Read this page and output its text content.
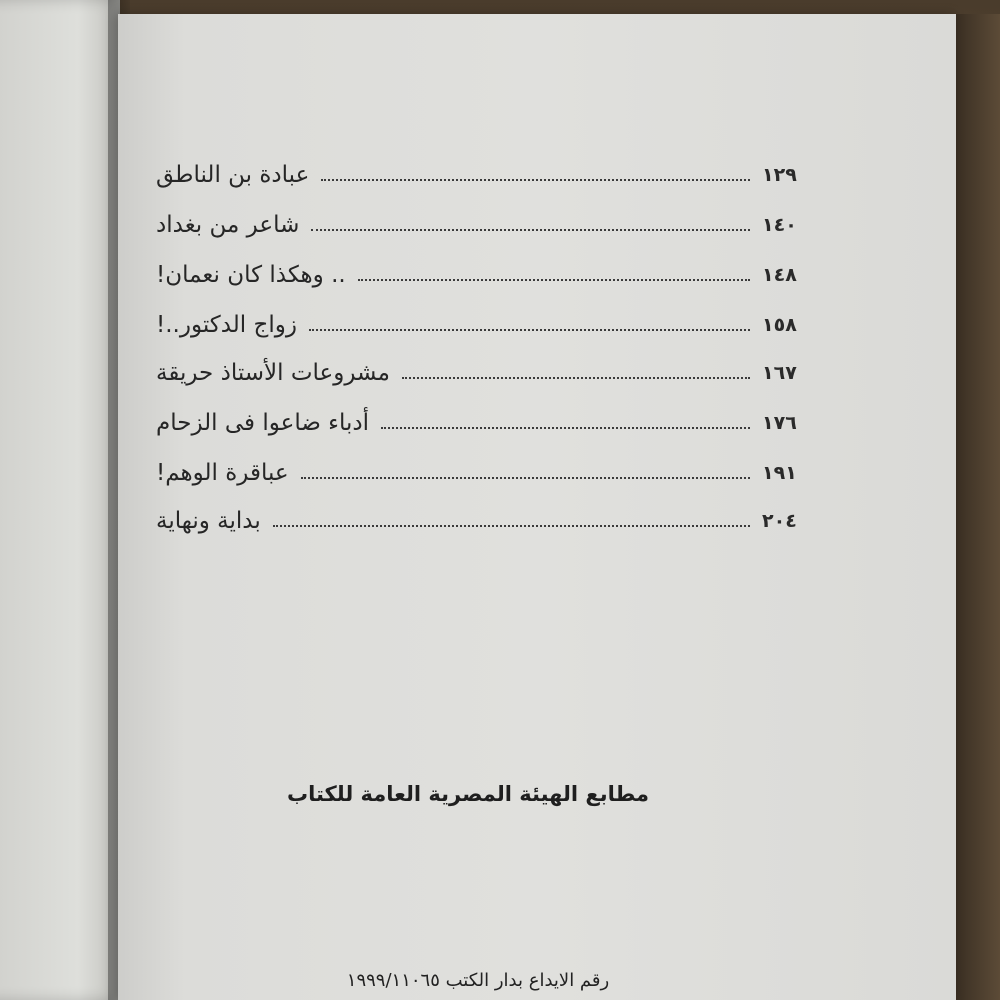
عبادة بن الناطق	١٢٩
شاعر من بغداد	١٤٠
.. وهكذا كان نعمان!	١٤٨
زواج الدكتور..!	١٥٨
مشروعات الأستاذ حريقة	١٦٧
أدباء ضاعوا فى الزحام	١٧٦
عباقرة الوهم!	١٩١
بداية ونهاية	٢٠٤
مطابع الهيئة المصرية العامة للكتاب
رقم الايداع بدار الكتب ١٩٩٩/١١٠٦٥
